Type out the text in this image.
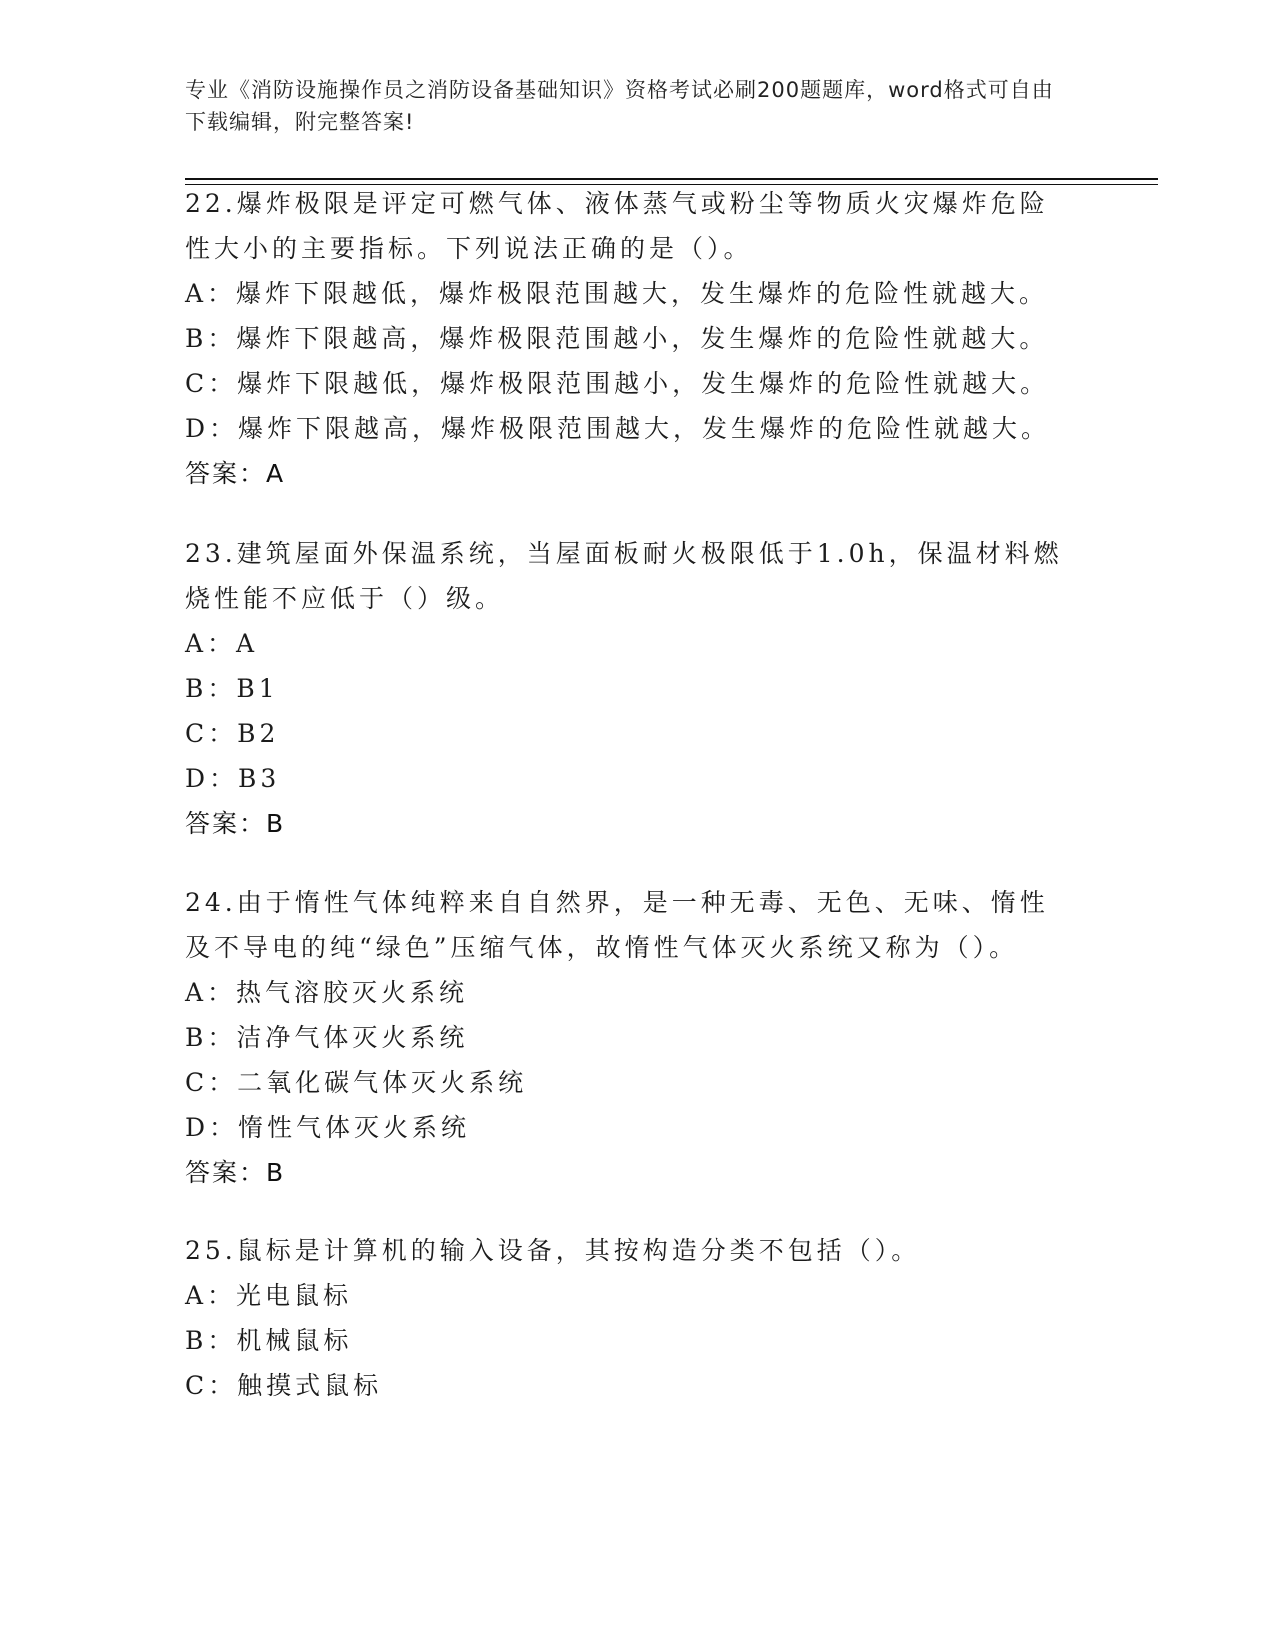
专业《消防设施操作员之消防设备基础知识》资格考试必刷200题题库，word格式可自由下载编辑，附完整答案!
22.爆炸极限是评定可燃气体、液体蒸气或粉尘等物质火灾爆炸危险性大小的主要指标。下列说法正确的是（）。
A：爆炸下限越低，爆炸极限范围越大，发生爆炸的危险性就越大。
B：爆炸下限越高，爆炸极限范围越小，发生爆炸的危险性就越大。
C：爆炸下限越低，爆炸极限范围越小，发生爆炸的危险性就越大。
D：爆炸下限越高，爆炸极限范围越大，发生爆炸的危险性就越大。
答案：A
23.建筑屋面外保温系统，当屋面板耐火极限低于1.0h，保温材料燃烧性能不应低于（）级。
A：A
B：B1
C：B2
D：B3
答案：B
24.由于惰性气体纯粹来自自然界，是一种无毒、无色、无味、惰性及不导电的纯“绿色”压缩气体，故惰性气体灭火系统又称为（）。
A：热气溶胶灭火系统
B：洁净气体灭火系统
C：二氧化碳气体灭火系统
D：惰性气体灭火系统
答案：B
25.鼠标是计算机的输入设备，其按构造分类不包括（）。
A：光电鼠标
B：机械鼠标
C：触摸式鼠标
